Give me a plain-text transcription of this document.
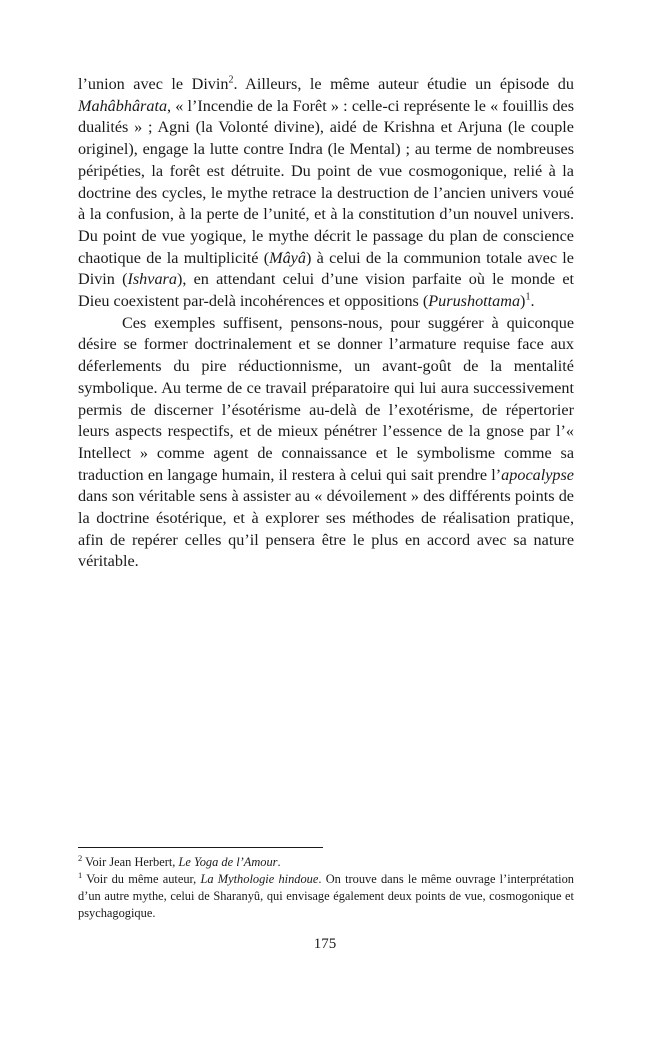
l’union avec le Divin$^2$. Ailleurs, le même auteur étudie un épisode du Mahâbhârata, « l’Incendie de la Forêt » : celle-ci représente le « fouillis des dualités » ; Agni (la Volonté divine), aidé de Krishna et Arjuna (le couple originel), engage la lutte contre Indra (le Mental) ; au terme de nombreuses péripéties, la forêt est détruite. Du point de vue cosmogonique, relié à la doctrine des cycles, le mythe retrace la destruction de l’ancien univers voué à la confusion, à la perte de l’unité, et à la constitution d’un nouvel univers. Du point de vue yogique, le mythe décrit le passage du plan de conscience chaotique de la multiplicité (Mâyâ) à celui de la communion totale avec le Divin (Ishvara), en attendant celui d’une vision parfaite où le monde et Dieu coexistent par-delà incohérences et oppositions (Purushottama)$^1$.

Ces exemples suffisent, pensons-nous, pour suggérer à quiconque désire se former doctrinalement et se donner l’armature requise face aux déferlements du pire réductionnisme, un avant-goût de la mentalité symbolique. Au terme de ce travail préparatoire qui lui aura successivement permis de discerner l’ésotérisme au-delà de l’exotérisme, de répertorier leurs aspects respectifs, et de mieux pénétrer l’essence de la gnose par l’« Intellect » comme agent de connaissance et le symbolisme comme sa traduction en langage humain, il restera à celui qui sait prendre l’apocalypse dans son véritable sens à assister au « dévoilement » des différents points de la doctrine ésotérique, et à explorer ses méthodes de réalisation pratique, afin de repérer celles qu’il pensera être le plus en accord avec sa nature véritable.

$^2$ Voir Jean Herbert, Le Yoga de l’Amour.

$^1$ Voir du même auteur, La Mythologie hindoue. On trouve dans le même ouvrage l’interprétation d’un autre mythe, celui de Sharanyû, qui envisage également deux points de vue, cosmogonique et psychagogique.

175
